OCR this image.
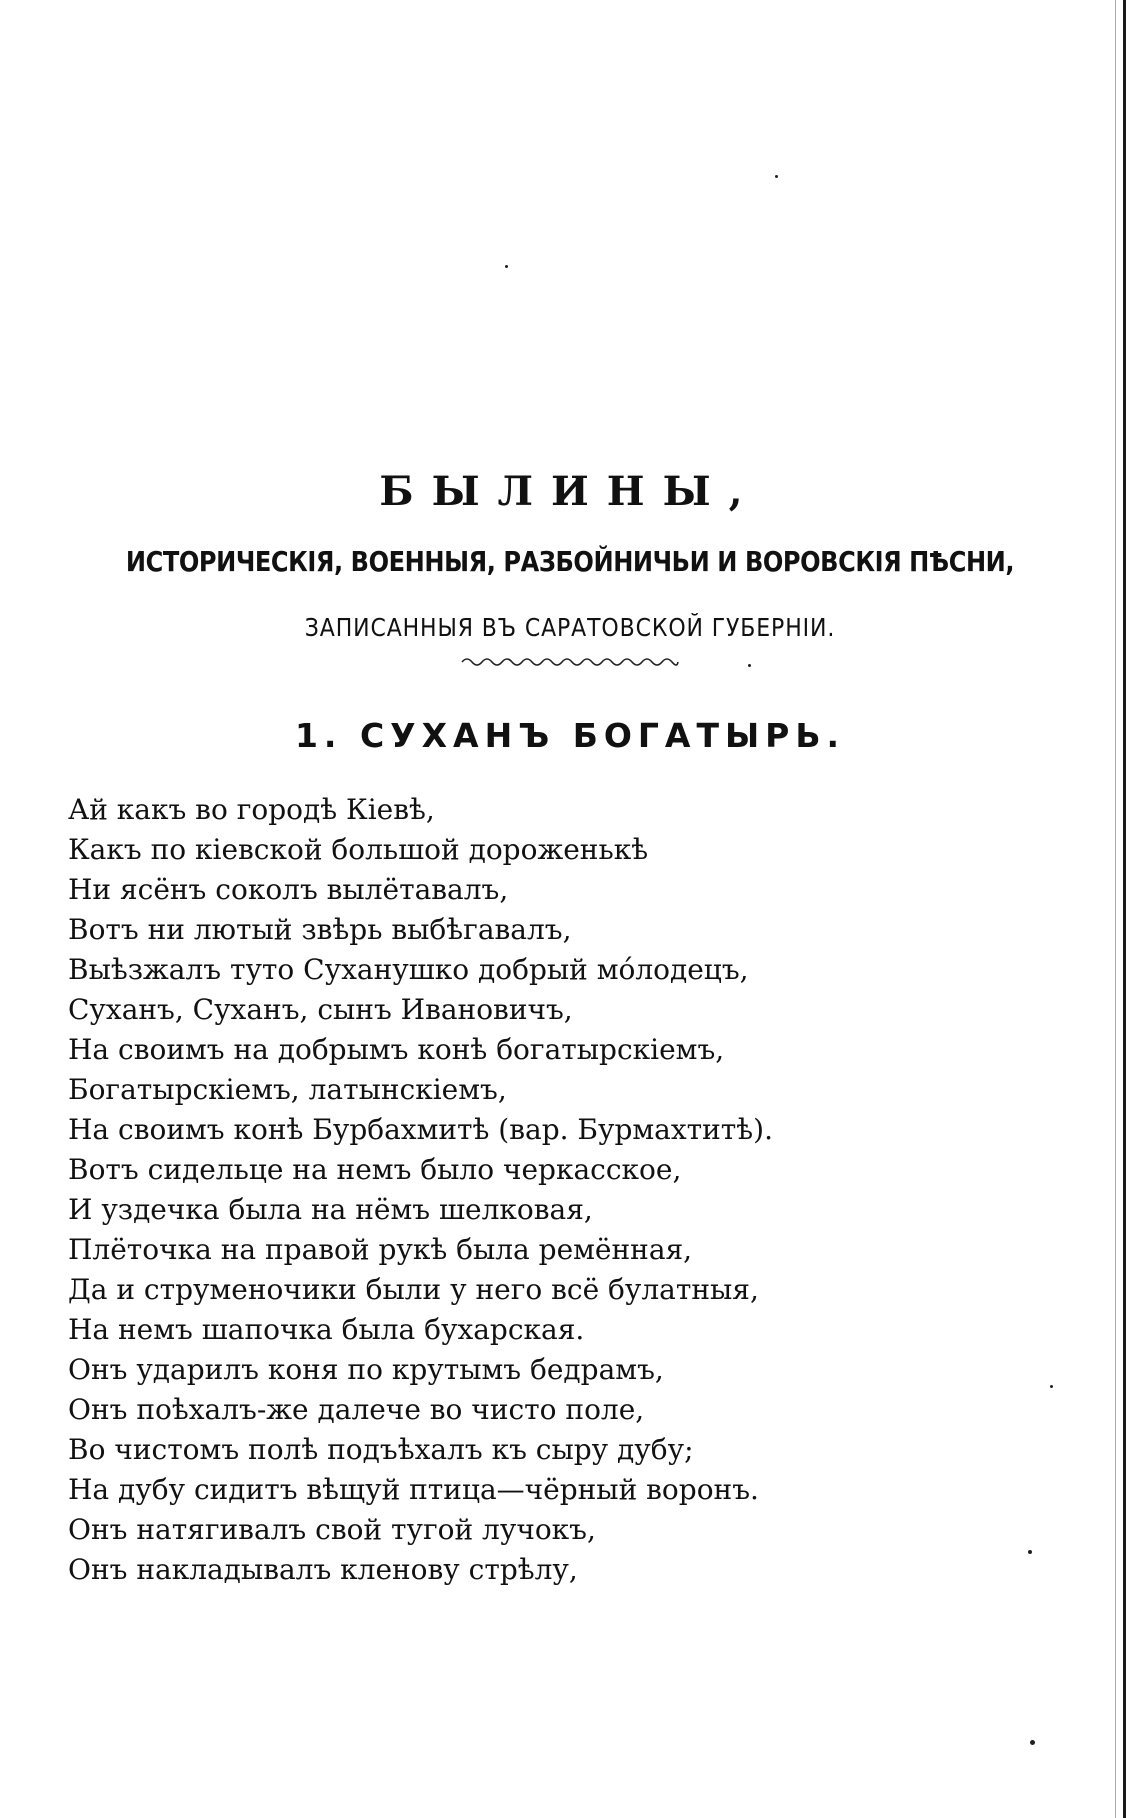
БЫЛИНЫ,
ИСТОРИЧЕСКІЯ, ВОЕННЫЯ, РАЗБОЙНИЧЬИ И ВОРОВСКІЯ ПѢСНИ,
ЗАПИСАННЫЯ ВЪ САРАТОВСКОЙ ГУБЕРНІИ.
1. СУХАНЪ БОГАТЫРЬ.
Ай какъ во городѣ Кіевѣ,
Какъ по кіевской большой дороженькѣ
Ни ясёнъ соколъ вылётавалъ,
Вотъ ни лютый звѣрь выбѣгавалъ,
Выѣзжалъ туто Суханушко добрый мóлодецъ,
Суханъ, Суханъ, сынъ Ивановичъ,
На своимъ на добрымъ конѣ богатырскіемъ,
Богатырскіемъ, латынскіемъ,
На своимъ конѣ Бурбахмитѣ (вар. Бурмахтитѣ).
Вотъ сидельце на немъ было черкасское,
И уздечка была на нёмъ шелковая,
Плёточка на правой рукѣ была ремённая,
Да и струменочики были у него всё булатныя,
На немъ шапочка была бухарская.
Онъ ударилъ коня по крутымъ бедрамъ,
Онъ поѣхалъ-же далече во чисто поле,
Во чистомъ полѣ подъѣхалъ къ сыру дубу;
На дубу сидитъ вѣщуй птица—чёрный воронъ.
Онъ натягивалъ свой тугой лучокъ,
Онъ накладывалъ кленову стрѣлу,
